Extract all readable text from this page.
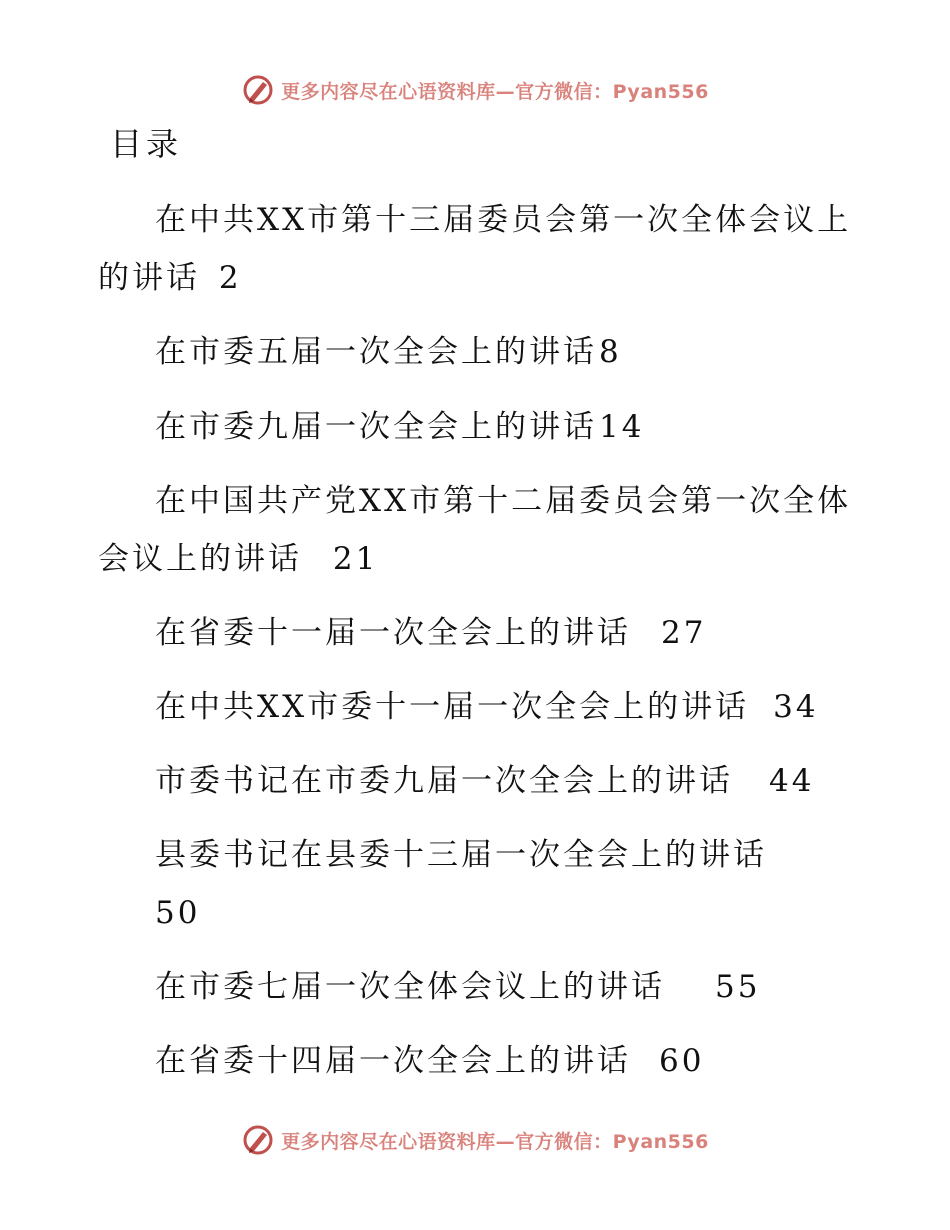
更多内容尽在心语资料库—官方微信：Pyan556
目录
在中共XX市第十三届委员会第一次全体会议上
的讲话 2
在市委五届一次全会上的讲话8
在市委九届一次全会上的讲话14
在中国共产党XX市第十二届委员会第一次全体
会议上的讲话 21
在省委十一届一次全会上的讲话 27
在中共XX市委十一届一次全会上的讲话 34
市委书记在市委九届一次全会上的讲话 44
县委书记在县委十三届一次全会上的讲话
50
在市委七届一次全体会议上的讲话 55
在省委十四届一次全会上的讲话 60
更多内容尽在心语资料库—官方微信：Pyan556
